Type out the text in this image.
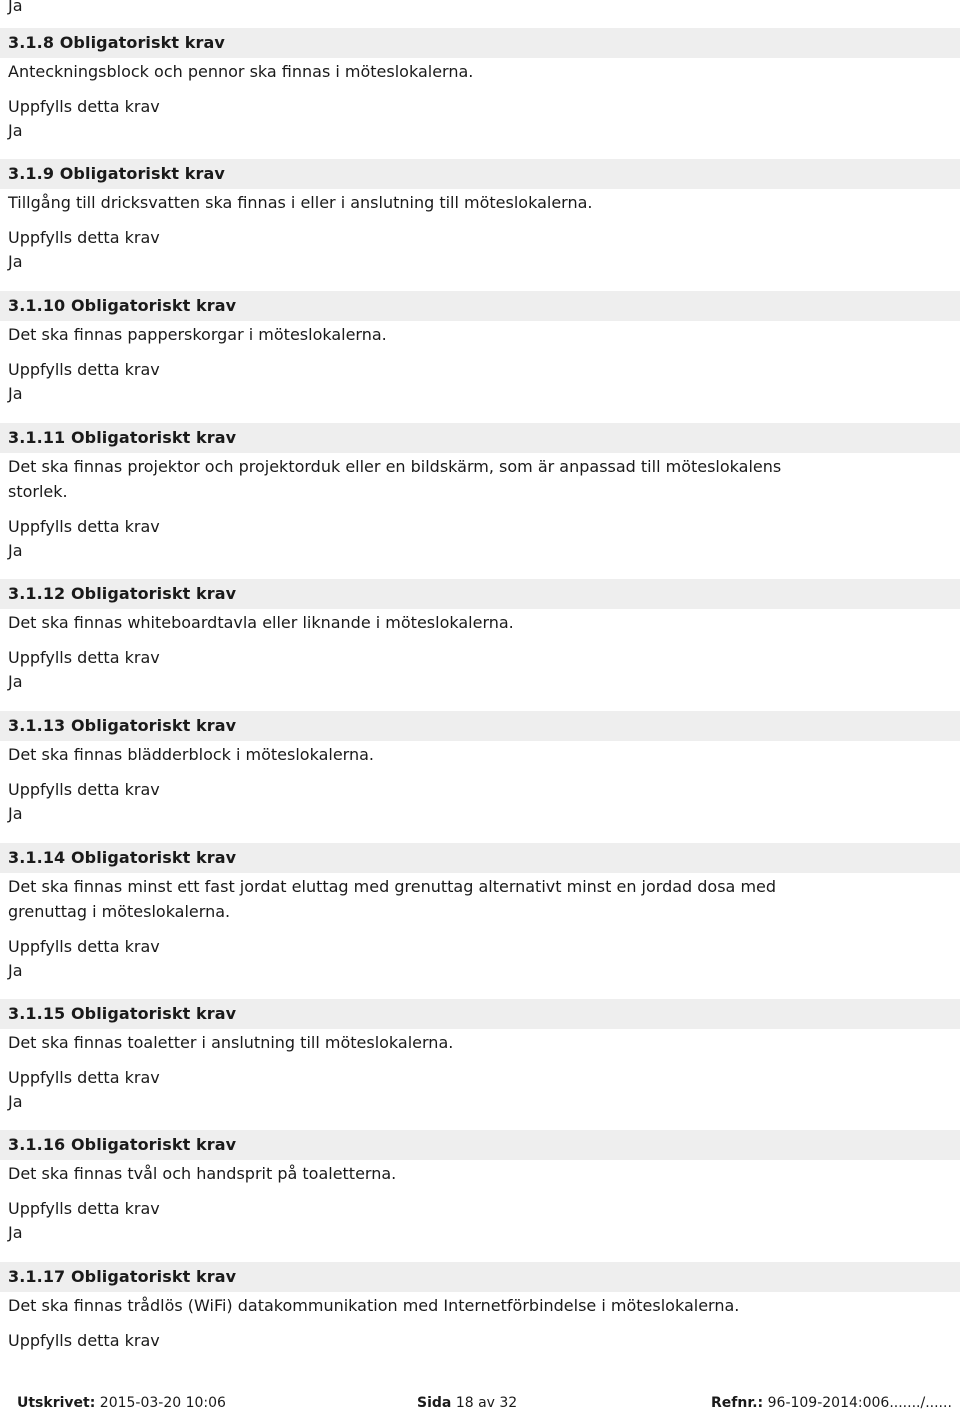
Ja
3.1.8 Obligatoriskt krav
Anteckningsblock och pennor ska finnas i möteslokalerna.
Uppfylls detta krav
Ja
3.1.9 Obligatoriskt krav
Tillgång till dricksvatten ska finnas i eller i anslutning till möteslokalerna.
Uppfylls detta krav
Ja
3.1.10 Obligatoriskt krav
Det ska finnas papperskorgar i möteslokalerna.
Uppfylls detta krav
Ja
3.1.11 Obligatoriskt krav
Det ska finnas projektor och projektorduk eller en bildskärm, som är anpassad till möteslokalens storlek.
Uppfylls detta krav
Ja
3.1.12 Obligatoriskt krav
Det ska finnas whiteboardtavla eller liknande i möteslokalerna.
Uppfylls detta krav
Ja
3.1.13 Obligatoriskt krav
Det ska finnas blädderblock i möteslokalerna.
Uppfylls detta krav
Ja
3.1.14 Obligatoriskt krav
Det ska finnas minst ett fast jordat eluttag med grenuttag alternativt minst en jordad dosa med grenuttag i möteslokalerna.
Uppfylls detta krav
Ja
3.1.15 Obligatoriskt krav
Det ska finnas toaletter i anslutning till möteslokalerna.
Uppfylls detta krav
Ja
3.1.16 Obligatoriskt krav
Det ska finnas tvål och handsprit på toaletterna.
Uppfylls detta krav
Ja
3.1.17 Obligatoriskt krav
Det ska finnas trådlös (WiFi) datakommunikation med Internetförbindelse i möteslokalerna.
Uppfylls detta krav
Utskrivet: 2015-03-20 10:06	Sida 18 av 32	Refnr.: 96-109-2014:006......./......
